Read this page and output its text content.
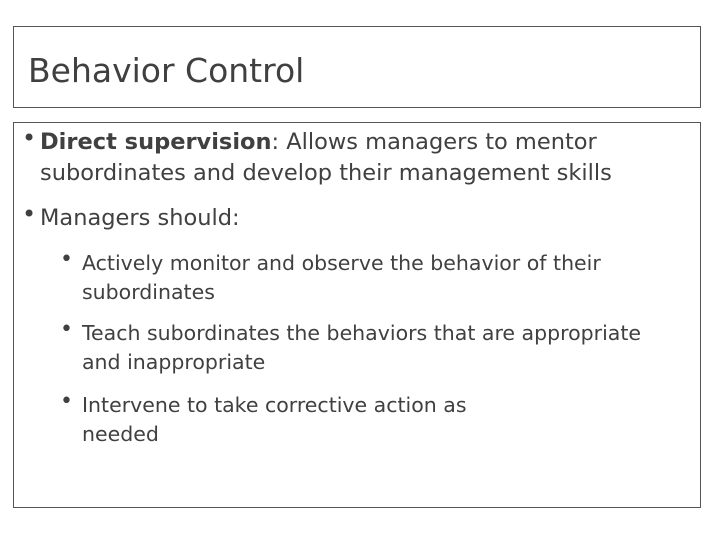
Behavior Control
• Direct supervision: Allows managers to mentor subordinates and develop their management skills
• Managers should:
• Actively monitor and observe the behavior of their subordinates
• Teach subordinates the behaviors that are appropriate and inappropriate
• Intervene to take corrective action as needed
